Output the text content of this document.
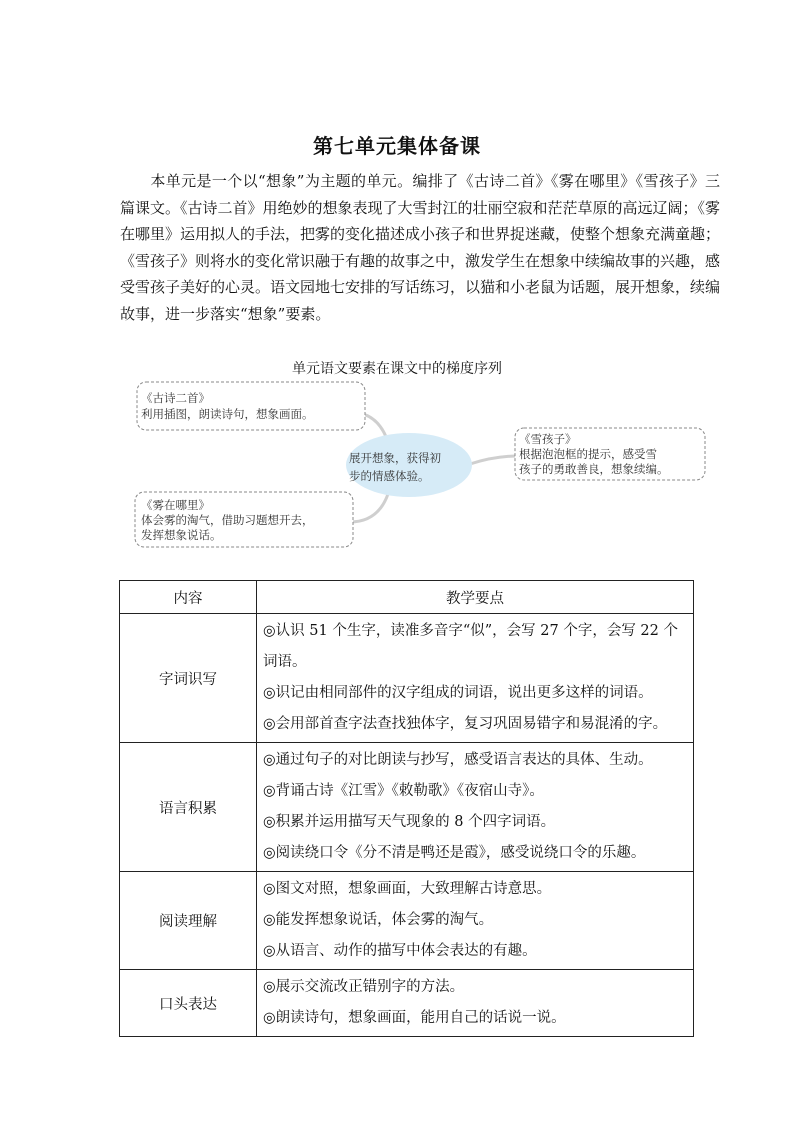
第七单元集体备课

本单元是一个以“想象”为主题的单元。编排了《古诗二首》《雾在哪里》《雪孩子》三篇课文。《古诗二首》用绝妙的想象表现了大雪封江的壮丽空寂和茫茫草原的高远辽阔；《雾在哪里》运用拟人的手法，把雾的变化描述成小孩子和世界捉迷藏，使整个想象充满童趣；《雪孩子》则将水的变化常识融于有趣的故事之中，激发学生在想象中续编故事的兴趣，感受雪孩子美好的心灵。语文园地七安排的写话练习，以猫和小老鼠为话题，展开想象，续编故事，进一步落实“想象”要素。

单元语文要素在课文中的梯度序列
展开想象，获得初
步的情感体验。
《古诗二首》
利用插图，朗读诗句，想象画面。
《雪孩子》
根据泡泡框的提示，感受雪
孩子的勇敢善良，想象续编。
《雾在哪里》
体会雾的淘气，借助习题想开去，
发挥想象说话。
内容	教学要点
字词识写	◎认识 51 个生字，读准多音字“似”，会写 27 个字，会写 22 个词语。
◎识记由相同部件的汉字组成的词语，说出更多这样的词语。
◎会用部首查字法查找独体字，复习巩固易错字和易混淆的字。

语言积累	◎通过句子的对比朗读与抄写，感受语言表达的具体、生动。
◎背诵古诗《江雪》《敕勒歌》《夜宿山寺》。
◎积累并运用描写天气现象的 8 个四字词语。
◎阅读绕口令《分不清是鸭还是霞》，感受说绕口令的乐趣。

阅读理解	◎图文对照，想象画面，大致理解古诗意思。
◎能发挥想象说话，体会雾的淘气。
◎从语言、动作的描写中体会表达的有趣。

口头表达	◎展示交流改正错别字的方法。
◎朗读诗句，想象画面，能用自己的话说一说。
